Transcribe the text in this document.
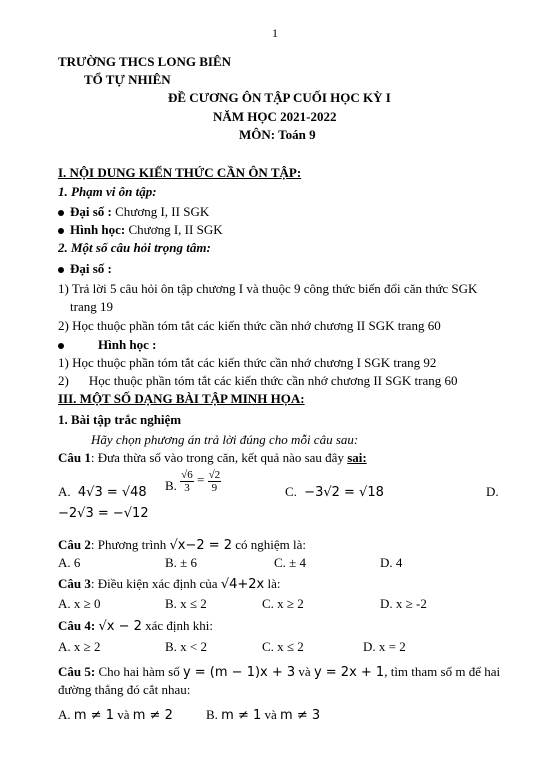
1
TRƯỜNG THCS LONG BIÊN
TỔ TỰ NHIÊN
ĐỀ CƯƠNG ÔN TẬP CUỐI HỌC KỲ I
NĂM HỌC 2021-2022
MÔN: Toán 9
I. NỘI DUNG KIẾN THỨC CẦN ÔN TẬP:
1. Phạm vi ôn tập:
Đại số : Chương I, II SGK
Hình học: Chương I, II SGK
2. Một số câu hỏi trọng tâm:
Đại số :
1) Trả lời 5 câu hỏi ôn tập chương I và thuộc 9 công thức biến đổi căn thức SGK
trang 19
2) Học thuộc phần tóm tắt các kiến thức cần nhớ chương II SGK trang 60
Hình học :
1) Học thuộc phần tóm tắt các kiến thức cần nhớ chương I SGK trang 92
2) Học thuộc phần tóm tắt các kiến thức cần nhớ chương II SGK trang 60
III. MỘT SỐ DẠNG BÀI TẬP MINH HỌA:
1. Bài tập trắc nghiệm
Hãy chọn phương án trả lời đúng cho mỗi câu sau:
Câu 1: Đưa thừa số vào trong căn, kết quả nào sau đây sai:
A. 4√3 = √48 B. $\frac{√6}{3} = \frac{√2}{9}$	C. −3√2 = √18	D.
−2√3 = −√12
Câu 2: Phương trình √x−2 = 2 có nghiệm là:
A. 6	B. ± 6	C. ± 4	D. 4
Câu 3: Điều kiện xác định của √4+2x là:
A. x ≥ 0	B. x ≤ 2	C. x ≥ 2	D. x ≥ -2
Câu 4: √x − 2 xác định khi:
A. x ≥ 2	B. x < 2	C. x ≤ 2	D. x = 2
Câu 5: Cho hai hàm số y = (m − 1)x + 3 và y = 2x + 1, tìm tham số m để hai
đường thẳng đó cắt nhau:
A. m ≠ 1 và m ≠ 2	B. m ≠ 1 và m ≠ 3
